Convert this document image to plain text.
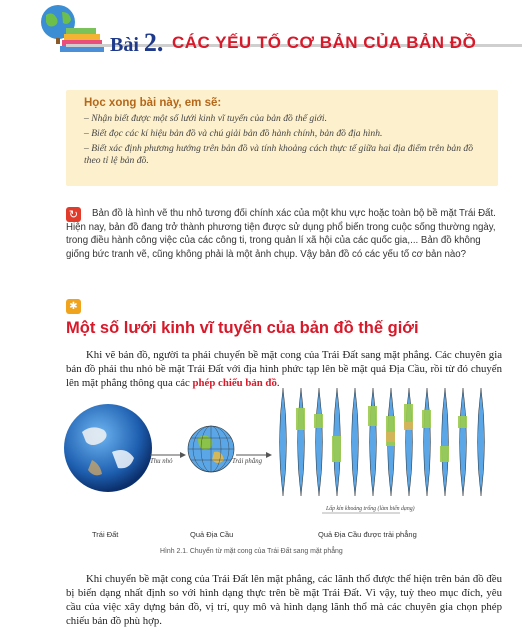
Bài 2. CÁC YẾU TỐ CƠ BẢN CỦA BẢN ĐỒ
Học xong bài này, em sẽ:
– Nhận biết được một số lưới kinh vĩ tuyến của bản đồ thế giới.
– Biết đọc các kí hiệu bản đồ và chú giải bản đồ hành chính, bản đồ địa hình.
– Biết xác định phương hướng trên bản đồ và tính khoảng cách thực tế giữa hai địa điểm trên bản đồ theo tỉ lệ bản đồ.
Bản đồ là hình vẽ thu nhỏ tương đối chính xác của một khu vực hoặc toàn bộ bề mặt Trái Đất. Hiện nay, bản đồ đang trở thành phương tiện được sử dụng phổ biến trong cuộc sống thường ngày, trong điều hành công việc của các công ti, trong quản lí xã hội của các quốc gia,... Bản đồ không giống bức tranh vẽ, cũng không phải là một ảnh chụp. Vậy bản đồ có các yếu tố cơ bản nào?
↻
✱
Một số lưới kinh vĩ tuyến của bản đồ thế giới
Khi vẽ bản đồ, người ta phải chuyển bề mặt cong của Trái Đất sang mặt phẳng. Các chuyên gia bản đồ phải thu nhỏ bề mặt Trái Đất với địa hình phức tạp lên bề mặt quả Địa Cầu, rồi từ đó chuyển lên mặt phẳng thông qua các phép chiếu bản đồ.
Thu nhỏ	Trải phẳng
Lấp kín khoảng trống (làm biến dạng)
Trái Đất	Quả Địa Cầu	Quả Địa Cầu được trải phẳng
Hình 2.1. Chuyển từ mặt cong của Trái Đất sang mặt phẳng
Khi chuyển bề mặt cong của Trái Đất lên mặt phẳng, các lãnh thổ được thể hiện trên bản đồ đều bị biến dạng nhất định so với hình dạng thực trên bề mặt Trái Đất. Vì vậy, tuỳ theo mục đích, yêu cầu của việc xây dựng bản đồ, vị trí, quy mô và hình dạng lãnh thổ mà các chuyên gia chọn phép chiếu bản đồ phù hợp.
